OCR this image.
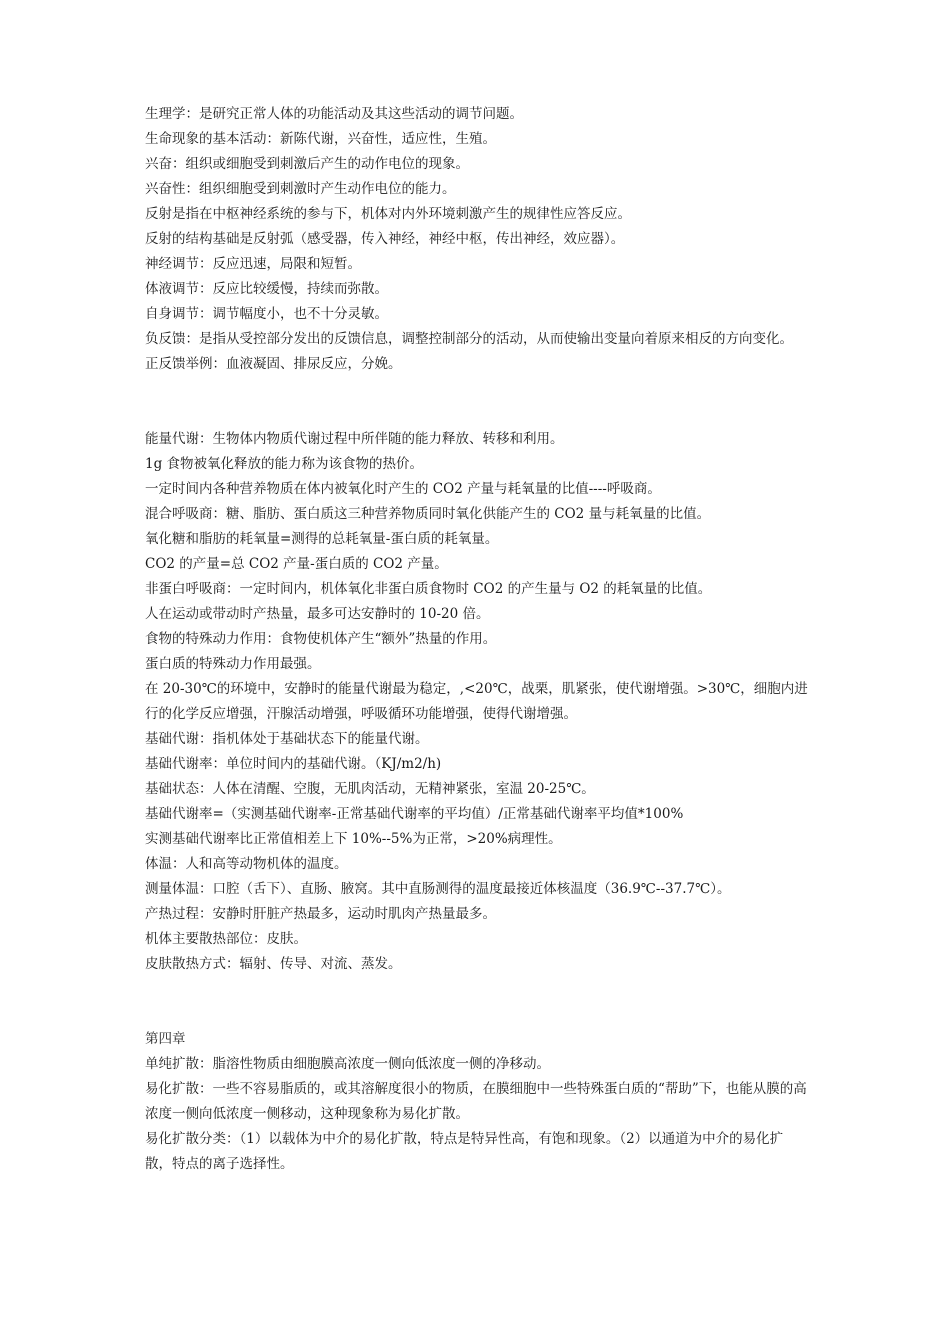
生理学：是研究正常人体的功能活动及其这些活动的调节问题。

生命现象的基本活动：新陈代谢，兴奋性，适应性，生殖。

兴奋：组织或细胞受到刺激后产生的动作电位的现象。

兴奋性：组织细胞受到刺激时产生动作电位的能力。

反射是指在中枢神经系统的参与下，机体对内外环境刺激产生的规律性应答反应。

反射的结构基础是反射弧（感受器，传入神经，神经中枢，传出神经，效应器）。

神经调节：反应迅速，局限和短暂。

体液调节：反应比较缓慢，持续而弥散。

自身调节：调节幅度小，也不十分灵敏。

负反馈：是指从受控部分发出的反馈信息，调整控制部分的活动，从而使输出变量向着原来相反的方向变化。

正反馈举例：血液凝固、排尿反应，分娩。

能量代谢：生物体内物质代谢过程中所伴随的能力释放、转移和利用。

1g 食物被氧化释放的能力称为该食物的热价。

一定时间内各种营养物质在体内被氧化时产生的 CO2 产量与耗氧量的比值----呼吸商。

混合呼吸商：糖、脂肪、蛋白质这三种营养物质同时氧化供能产生的 CO2 量与耗氧量的比值。

氧化糖和脂肪的耗氧量=测得的总耗氧量-蛋白质的耗氧量。

CO2 的产量=总 CO2 产量-蛋白质的 CO2 产量。

非蛋白呼吸商：一定时间内，机体氧化非蛋白质食物时 CO2 的产生量与 O2 的耗氧量的比值。

人在运动或带动时产热量，最多可达安静时的 10-20 倍。

食物的特殊动力作用：食物使机体产生“额外”热量的作用。

蛋白质的特殊动力作用最强。

在 20-30℃的环境中，安静时的能量代谢最为稳定，,<20℃，战栗，肌紧张，使代谢增强。>30℃，细胞内进行的化学反应增强，汗腺活动增强，呼吸循环功能增强，使得代谢增强。

基础代谢：指机体处于基础状态下的能量代谢。

基础代谢率：单位时间内的基础代谢。（KJ/m2/h)

基础状态：人体在清醒、空腹，无肌肉活动，无精神紧张，室温 20-25℃。

基础代谢率=（实测基础代谢率-正常基础代谢率的平均值）/正常基础代谢率平均值*100%

实测基础代谢率比正常值相差上下 10%--5%为正常，>20%病理性。

体温：人和高等动物机体的温度。

测量体温：口腔（舌下）、直肠、腋窝。其中直肠测得的温度最接近体核温度（36.9℃--37.7℃）。

产热过程：安静时肝脏产热最多，运动时肌肉产热量最多。

机体主要散热部位：皮肤。

皮肤散热方式：辐射、传导、对流、蒸发。

第四章

单纯扩散：脂溶性物质由细胞膜高浓度一侧向低浓度一侧的净移动。

易化扩散：一些不容易脂质的，或其溶解度很小的物质，在膜细胞中一些特殊蛋白质的“帮助”下，也能从膜的高浓度一侧向低浓度一侧移动，这种现象称为易化扩散。

易化扩散分类：（1）以载体为中介的易化扩散，特点是特异性高，有饱和现象。（2）以通道为中介的易化扩散，特点的离子选择性。
